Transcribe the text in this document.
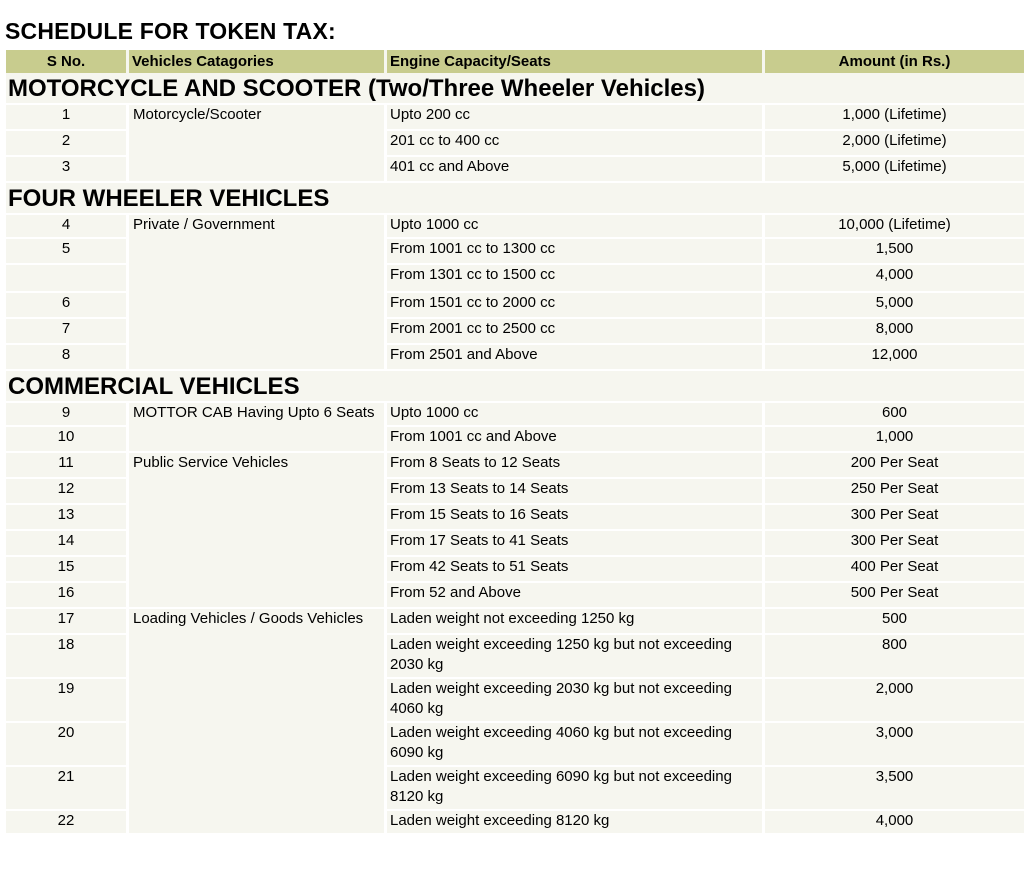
SCHEDULE FOR TOKEN TAX:
S No.	Vehicles Catagories	Engine Capacity/Seats	Amount (in Rs.)
MOTORCYCLE AND SCOOTER (Two/Three Wheeler Vehicles)			
1	Motorcycle/Scooter	Upto 200 cc	1,000 (Lifetime)
2		201 cc to 400 cc	2,000 (Lifetime)
3		401 cc and Above	5,000 (Lifetime)
FOUR WHEELER VEHICLES			
4	Private / Government	Upto 1000 cc	10,000 (Lifetime)
5		From 1001 cc to 1300 cc	1,500
		From 1301 cc to 1500 cc	4,000
6		From 1501 cc to 2000 cc	5,000
7		From 2001 cc to 2500 cc	8,000
8		From 2501 and Above	12,000
COMMERCIAL VEHICLES			
9	MOTTOR CAB Having Upto 6 Seats	Upto 1000 cc	600
10		From 1001 cc and Above	1,000
11	Public Service Vehicles	From 8 Seats to 12 Seats	200 Per Seat
12		From 13 Seats to 14 Seats	250 Per Seat
13		From 15 Seats to 16 Seats	300 Per Seat
14		From 17 Seats to 41 Seats	300 Per Seat
15		From 42 Seats to 51 Seats	400 Per Seat
16		From 52 and Above	500 Per Seat
17	Loading Vehicles / Goods Vehicles	Laden weight not exceeding 1250 kg	500
18		Laden weight exceeding 1250 kg but not exceeding 2030 kg	800
19		Laden weight exceeding 2030 kg but not exceeding 4060 kg	2,000
20		Laden weight exceeding 4060 kg but not exceeding 6090 kg	3,000
21		Laden weight exceeding 6090 kg but not exceeding 8120 kg	3,500
22		Laden weight exceeding 8120 kg	4,000
